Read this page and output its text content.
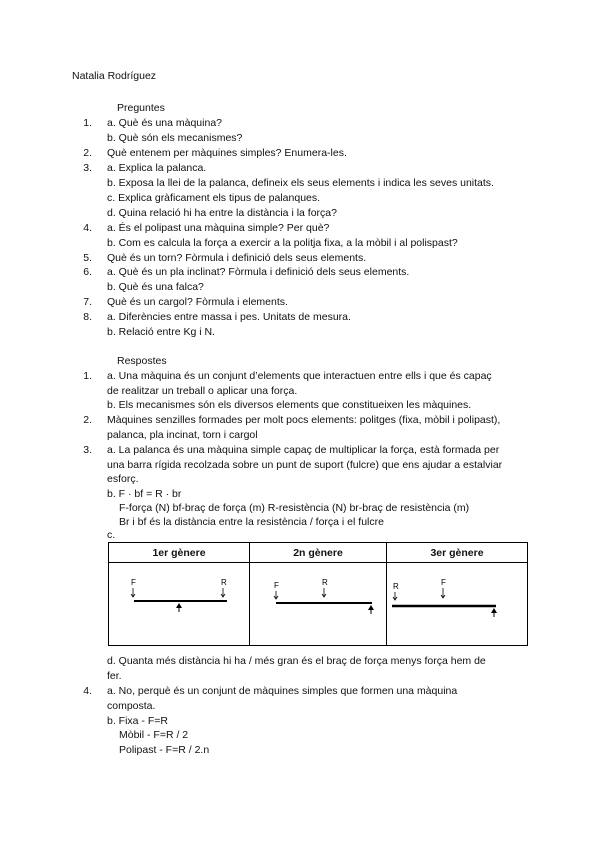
Natalia Rodríguez
Preguntes
1. a. Què és una màquina?
b. Què són els mecanismes?
2. Què entenem per màquines simples? Enumera-les.
3. a. Explica la palanca.
b. Exposa la llei de la palanca, defineix els seus elements i indica les seves unitats.
c. Explica gràficament els tipus de palanques.
d. Quina relació hi ha entre la distància i la força?
4. a. És el polipast una màquina simple? Per què?
b. Com es calcula la força a exercir a la politja fixa, a la mòbil i al polispast?
5. Què és un torn? Fòrmula i definició dels seus elements.
6. a. Què és un pla inclinat? Fòrmula i definició dels seus elements.
b. Què és una falca?
7. Què és un cargol? Fòrmula i elements.
8. a. Diferències entre massa i pes. Unitats de mesura.
b. Relació entre Kg i N.
Respostes
1. a. Una màquina és un conjunt d’elements que interactuen entre ells i que és capaç
de realitzar un treball o aplicar una força.
b. Els mecanismes són els diversos elements que constitueixen les màquines.
2. Màquines senzilles formades per molt pocs elements: politges (fixa, mòbil i polipast),
palanca, pla incinat, torn i cargol
3. a. La palanca és una màquina simple capaç de multiplicar la força, està formada per
una barra rígida recolzada sobre un punt de suport (fulcre) que ens ajudar a estalviar
esforç.
b. F · bf = R · br
F-força (N) bf-braç de força (m) R-resistència (N) br-braç de resistència (m)
Br i bf és la distància entre la resistència / força i el fulcre
c.
1er gènere	2n gènere	3er gènere

F R	F R	R F
d. Quanta més distància hi ha / més gran és el braç de força menys força hem de
fer.
4. a. No, perquè és un conjunt de màquines simples que formen una màquina
composta.
b. Fixa - F=R
Mòbil - F=R / 2
Polipast - F=R / 2.n
